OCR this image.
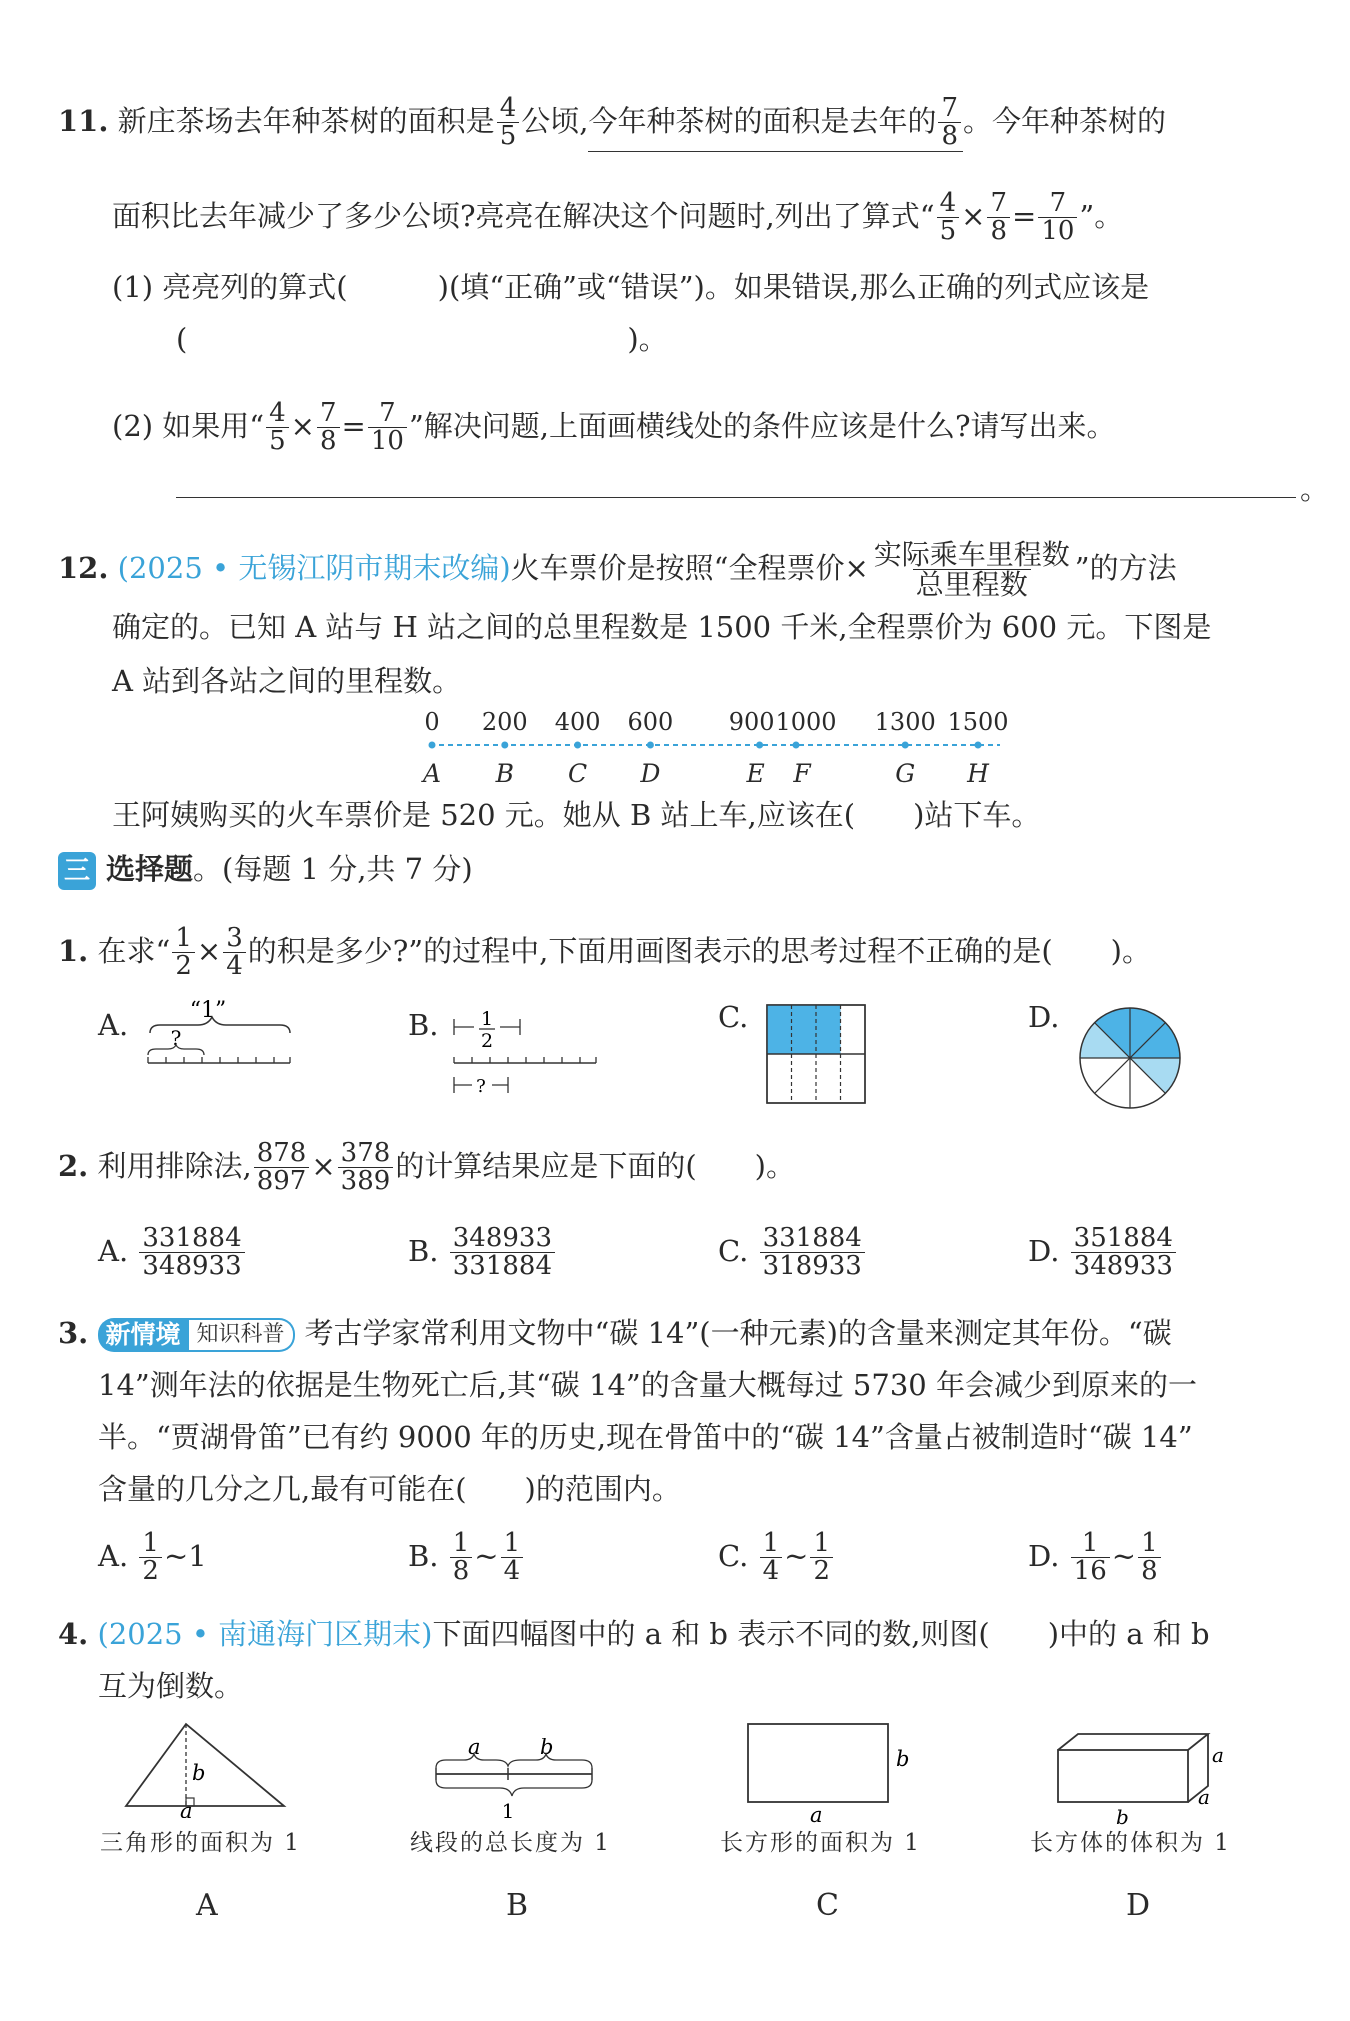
11. 新庄茶场去年种茶树的面积是 $\frac{4}{5}$ 公顷,今年种茶树的面积是去年的 $\frac{7}{8}$ 。今年种茶树的
面积比去年减少了多少公顷?亮亮在解决这个问题时,列出了算式“ $\frac{4}{5} \times \frac{7}{8} = \frac{7}{10}$ ”。
(1) 亮亮列的算式(	)(填“正确”或“错误”)。如果错误,那么正确的列式应该是
(	)。
(2) 如果用“ $\frac{4}{5} \times \frac{7}{8} = \frac{7}{10}$ ”解决问题,上面画横线处的条件应该是什么?请写出来。
。
12. (2025 • 无锡江阴市期末改编)火车票价是按照“全程票价× $\frac{\text{实际乘车里程数}}{\text{总里程数}}$ ”的方法
确定的。已知 A 站与 H 站之间的总里程数是 1500 千米,全程票价为 600 元。下图是
A 站到各站之间的里程数。
0
A
200
B
400
C
600
D
900
E
1000
F
1300
G
1500
H
王阿姨购买的火车票价是 520 元。她从 B 站上车,应该在(　　)站下车。
三 选择题。(每题 1 分,共 7 分)
1. 在求“ $\frac{1}{2} \times \frac{3}{4}$ 的积是多少?”的过程中,下面用画图表示的思考过程不正确的是(　　)。
A.	“1”
?	B. 1
2
?
C.	D.
2. 利用排除法, $\frac{878}{897} \times \frac{378}{389}$ 的计算结果应是下面的(　　)。
A. $\frac{331884}{348933}$	B. $\frac{348933}{331884}$	C. $\frac{331884}{318933}$	D. $\frac{351884}{348933}$
3. 新情境 知识科普 考古学家常利用文物中“碳 14”(一种元素)的含量来测定其年份。“碳
14”测年法的依据是生物死亡后,其“碳 14”的含量大概每过 5730 年会减少到原来的一
半。“贾湖骨笛”已有约 9000 年的历史,现在骨笛中的“碳 14”含量占被制造时“碳 14”
含量的几分之几,最有可能在(　　)的范围内。
A. $\frac{1}{2}$ ~1	B. $\frac{1}{8}$ ~ $\frac{1}{4}$	C. $\frac{1}{4}$ ~ $\frac{1}{2}$	D. $\frac{1}{16}$ ~ $\frac{1}{8}$
4. (2025 • 南通海门区期末)下面四幅图中的 a 和 b 表示不同的数,则图(　　)中的 a 和 b
互为倒数。
b
a
三角形的面积为 1
A
a	b
1
线段的总长度为 1
B
b
a
长方形的面积为 1
C
a
a
b
长方体的体积为 1
D
